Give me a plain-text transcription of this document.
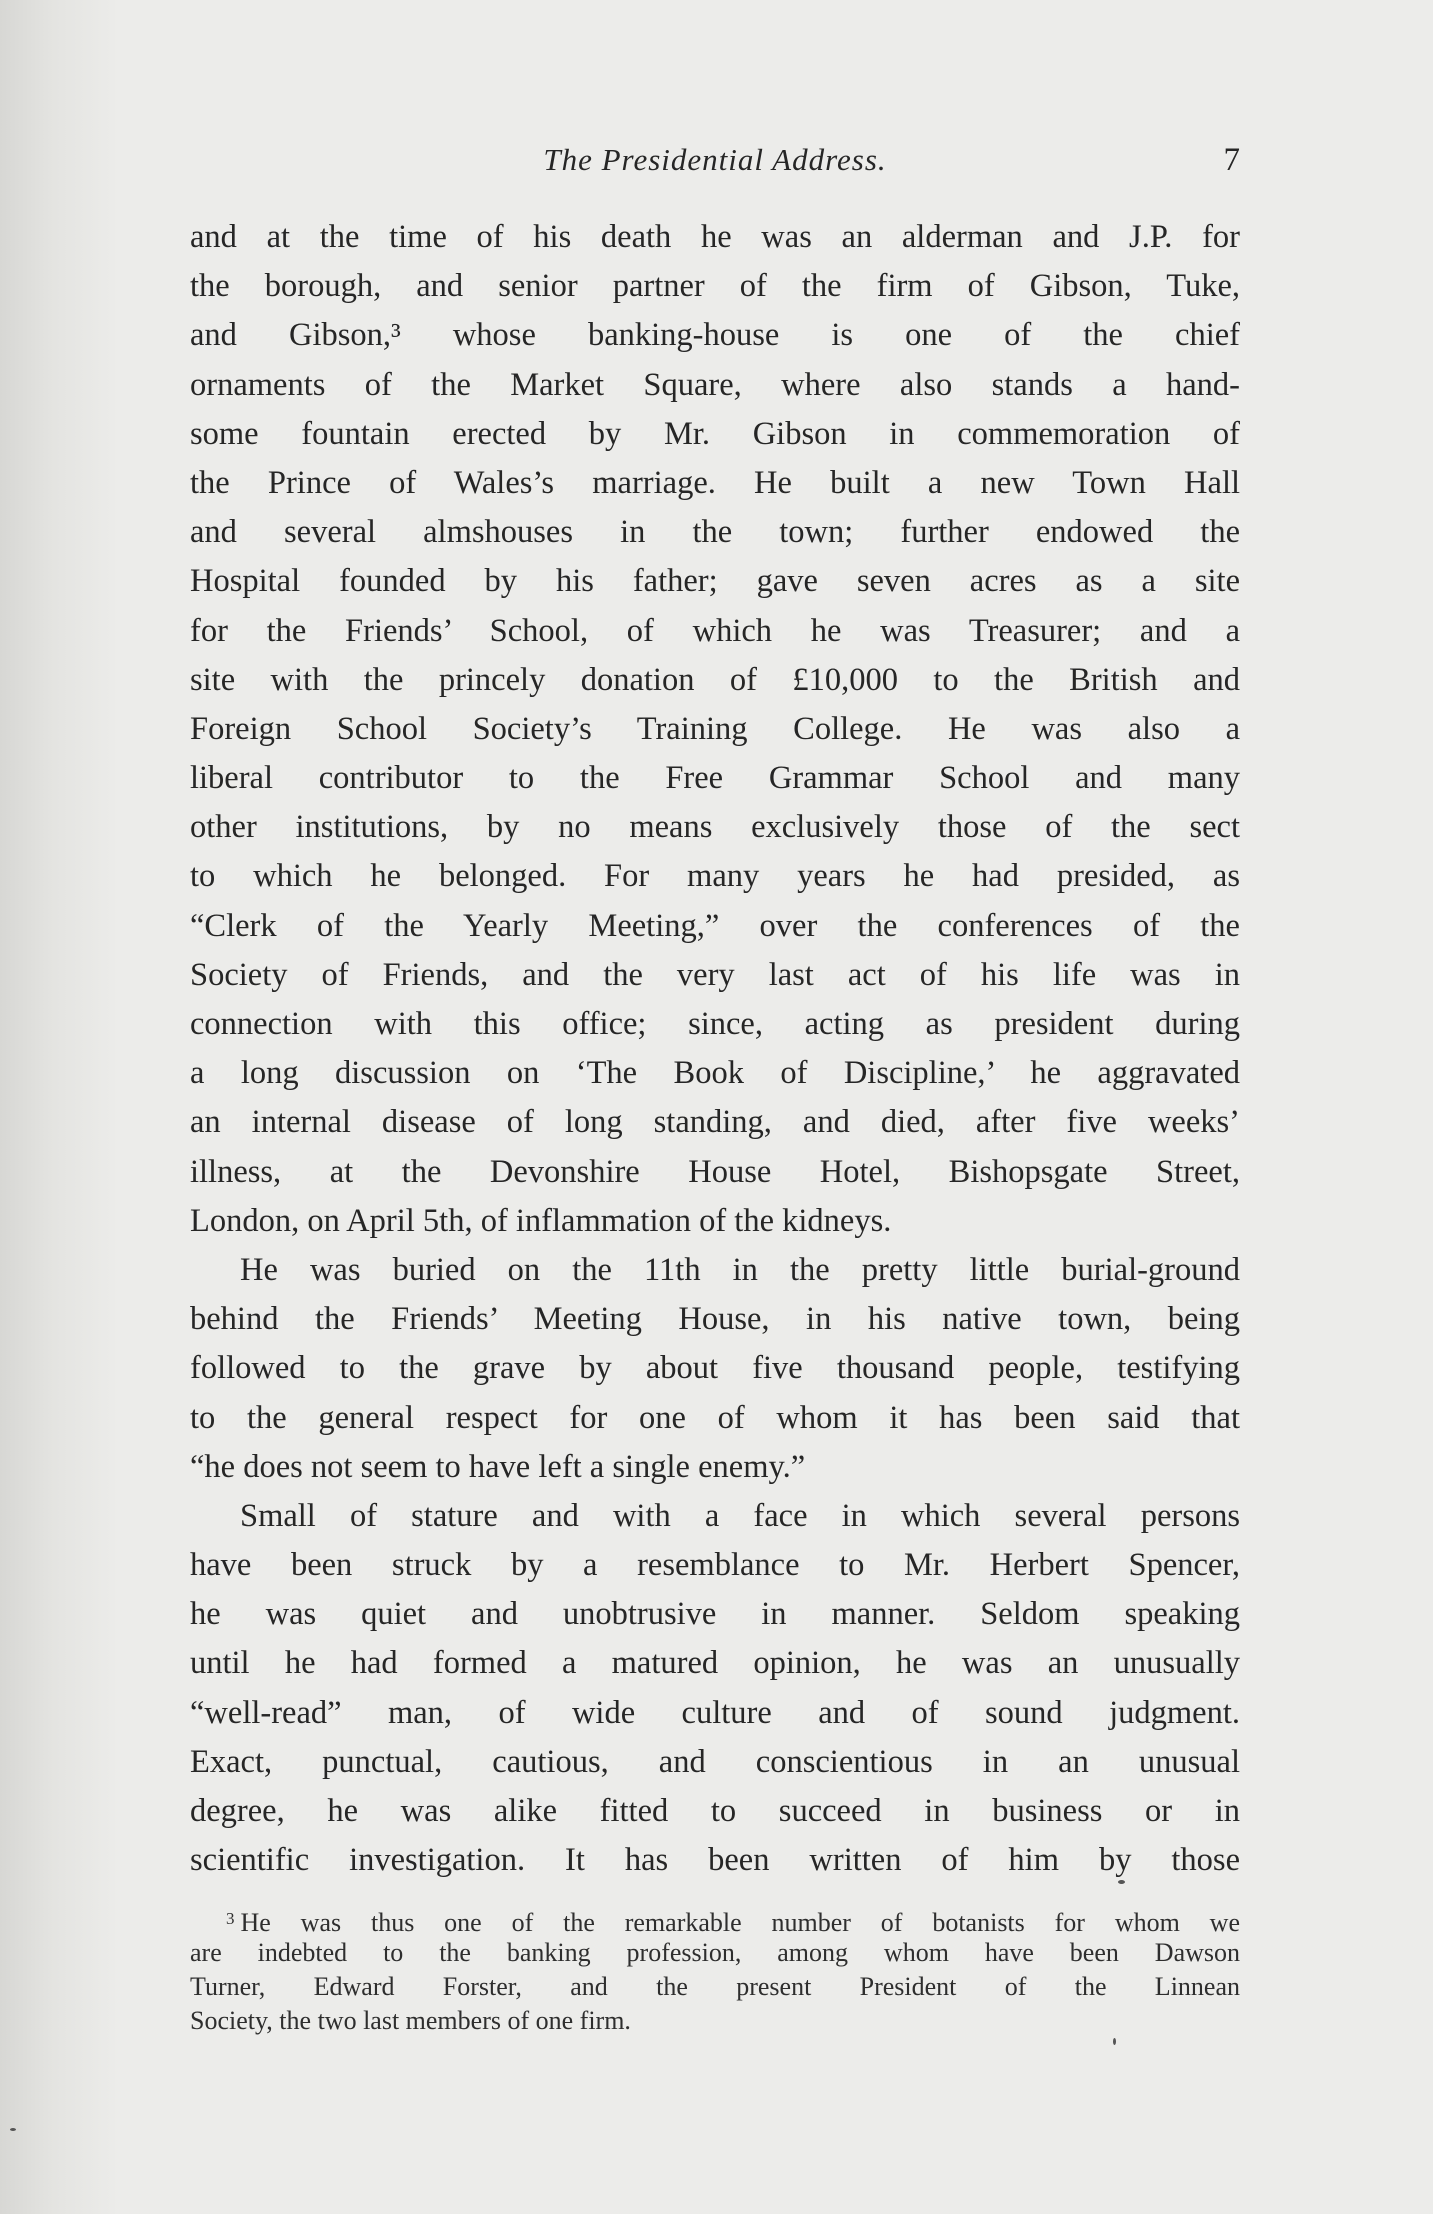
The Presidential Address.	7
and at the time of his death he was an alderman and J.P. for
the borough, and senior partner of the firm of Gibson, Tuke,
and Gibson,³ whose banking-house is one of the chief
ornaments of the Market Square, where also stands a hand-
some fountain erected by Mr. Gibson in commemoration of
the Prince of Wales’s marriage. He built a new Town Hall
and several almshouses in the town; further endowed the
Hospital founded by his father; gave seven acres as a site
for the Friends’ School, of which he was Treasurer; and a
site with the princely donation of £10,000 to the British and
Foreign School Society’s Training College. He was also a
liberal contributor to the Free Grammar School and many
other institutions, by no means exclusively those of the sect
to which he belonged. For many years he had presided, as
“Clerk of the Yearly Meeting,” over the conferences of the
Society of Friends, and the very last act of his life was in
connection with this office; since, acting as president during
a long discussion on ‘The Book of Discipline,’ he aggravated
an internal disease of long standing, and died, after five weeks’
illness, at the Devonshire House Hotel, Bishopsgate Street,
London, on April 5th, of inflammation of the kidneys.
He was buried on the 11th in the pretty little burial-ground
behind the Friends’ Meeting House, in his native town, being
followed to the grave by about five thousand people, testifying
to the general respect for one of whom it has been said that
“he does not seem to have left a single enemy.”
Small of stature and with a face in which several persons
have been struck by a resemblance to Mr. Herbert Spencer,
he was quiet and unobtrusive in manner. Seldom speaking
until he had formed a matured opinion, he was an unusually
“well-read” man, of wide culture and of sound judgment.
Exact, punctual, cautious, and conscientious in an unusual
degree, he was alike fitted to succeed in business or in
scientific investigation. It has been written of him by those
$^3$ He was thus one of the remarkable number of botanists for whom we
are indebted to the banking profession, among whom have been Dawson
Turner, Edward Forster, and the present President of the Linnean
Society, the two last members of one firm.
